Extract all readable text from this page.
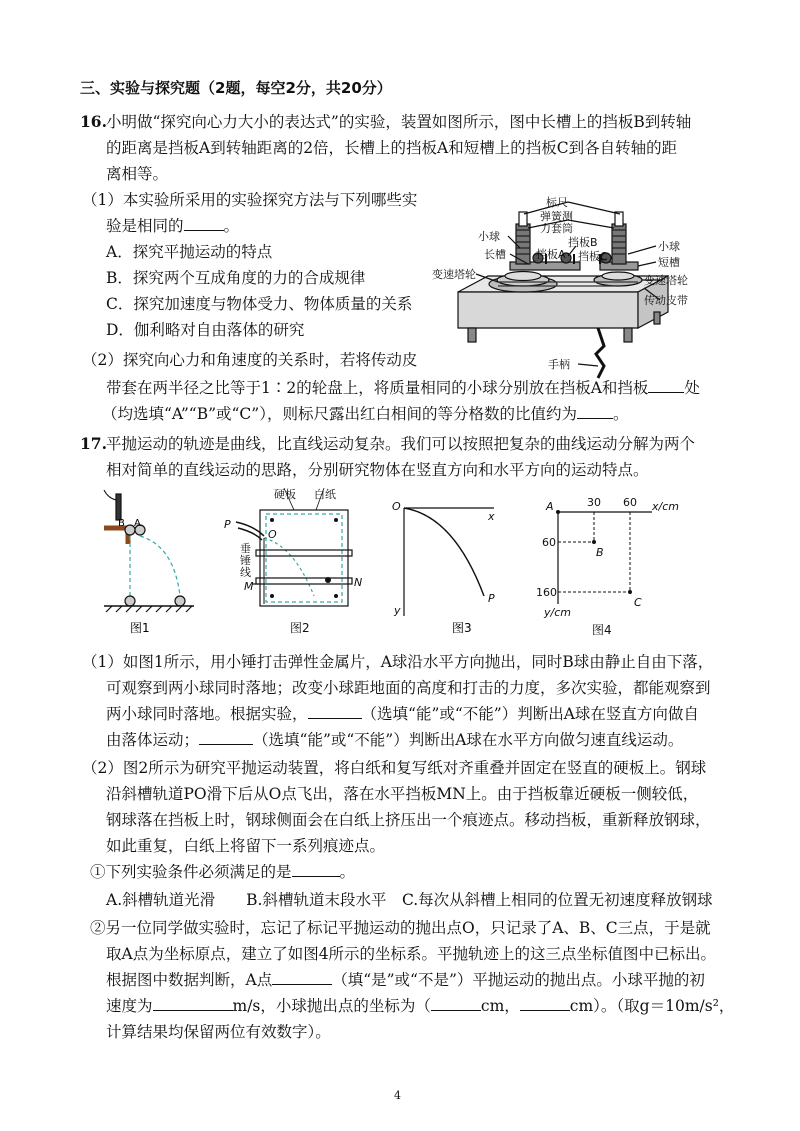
三、实验与探究题（2题，每空2分，共20分）
16. 小明做“探究向心力大小的表达式”的实验，装置如图所示，图中长槽上的挡板B到转轴
的距离是挡板A到转轴距离的2倍，长槽上的挡板A和短槽上的挡板C到各自转轴的距
离相等。
（1）本实验所采用的实验探究方法与下列哪些实
验是相同的	。
A．探究平抛运动的特点
B．探究两个互成角度的力的合成规律
C．探究加速度与物体受力、物体质量的关系
D．伽利略对自由落体的研究
（2）探究向心力和角速度的关系时，若将传动皮
带套在两半径之比等于1∶2的轮盘上，将质量相同的小球分别放在挡板A和挡板 处
（均选填“A”“B”或“C”），则标尺露出红白相间的等分格数的比值约为 。
标尺
弹簧测
力套筒
小球
长槽
挡板B
挡板A 挡板C
小球
短槽
变速塔轮	变速塔轮
传动皮带
手柄
17. 平抛运动的轨迹是曲线，比直线运动复杂。我们可以按照把复杂的曲线运动分解为两个
相对简单的直线运动的思路，分别研究物体在竖直方向和水平方向的运动特点。
B A
图1
硬板 白纸
P
O
垂
锤
线
M	N
图2
O
x
y
P
图3
A	x/cm
y/cm
30 60
60
160
B
C
图4
（1）如图1所示，用小锤打击弹性金属片，A球沿水平方向抛出，同时B球由静止自由下落，
可观察到两小球同时落地；改变小球距地面的高度和打击的力度，多次实验，都能观察到
两小球同时落地。根据实验，	（选填“能”或“不能”）判断出A球在竖直方向做自
由落体运动；	（选填“能”或“不能”）判断出A球在水平方向做匀速直线运动。
（2）图2所示为研究平抛运动装置，将白纸和复写纸对齐重叠并固定在竖直的硬板上。钢球
沿斜槽轨道PO滑下后从O点飞出，落在水平挡板MN上。由于挡板靠近硬板一侧较低，
钢球落在挡板上时，钢球侧面会在白纸上挤压出一个痕迹点。移动挡板，重新释放钢球，
如此重复，白纸上将留下一系列痕迹点。
①下列实验条件必须满足的是	。
A.斜槽轨道光滑　　B.斜槽轨道末段水平　C.每次从斜槽上相同的位置无初速度释放钢球
②另一位同学做实验时，忘记了标记平抛运动的抛出点O，只记录了A、B、C三点，于是就
取A点为坐标原点，建立了如图4所示的坐标系。平抛轨迹上的这三点坐标值图中已标出。
根据图中数据判断，A点	（填“是”或“不是”）平抛运动的抛出点。小球平抛的初
速度为	m/s，小球抛出点的坐标为（	cm，	cm）。（取g＝10m/s²，
计算结果均保留两位有效数字）。
4
